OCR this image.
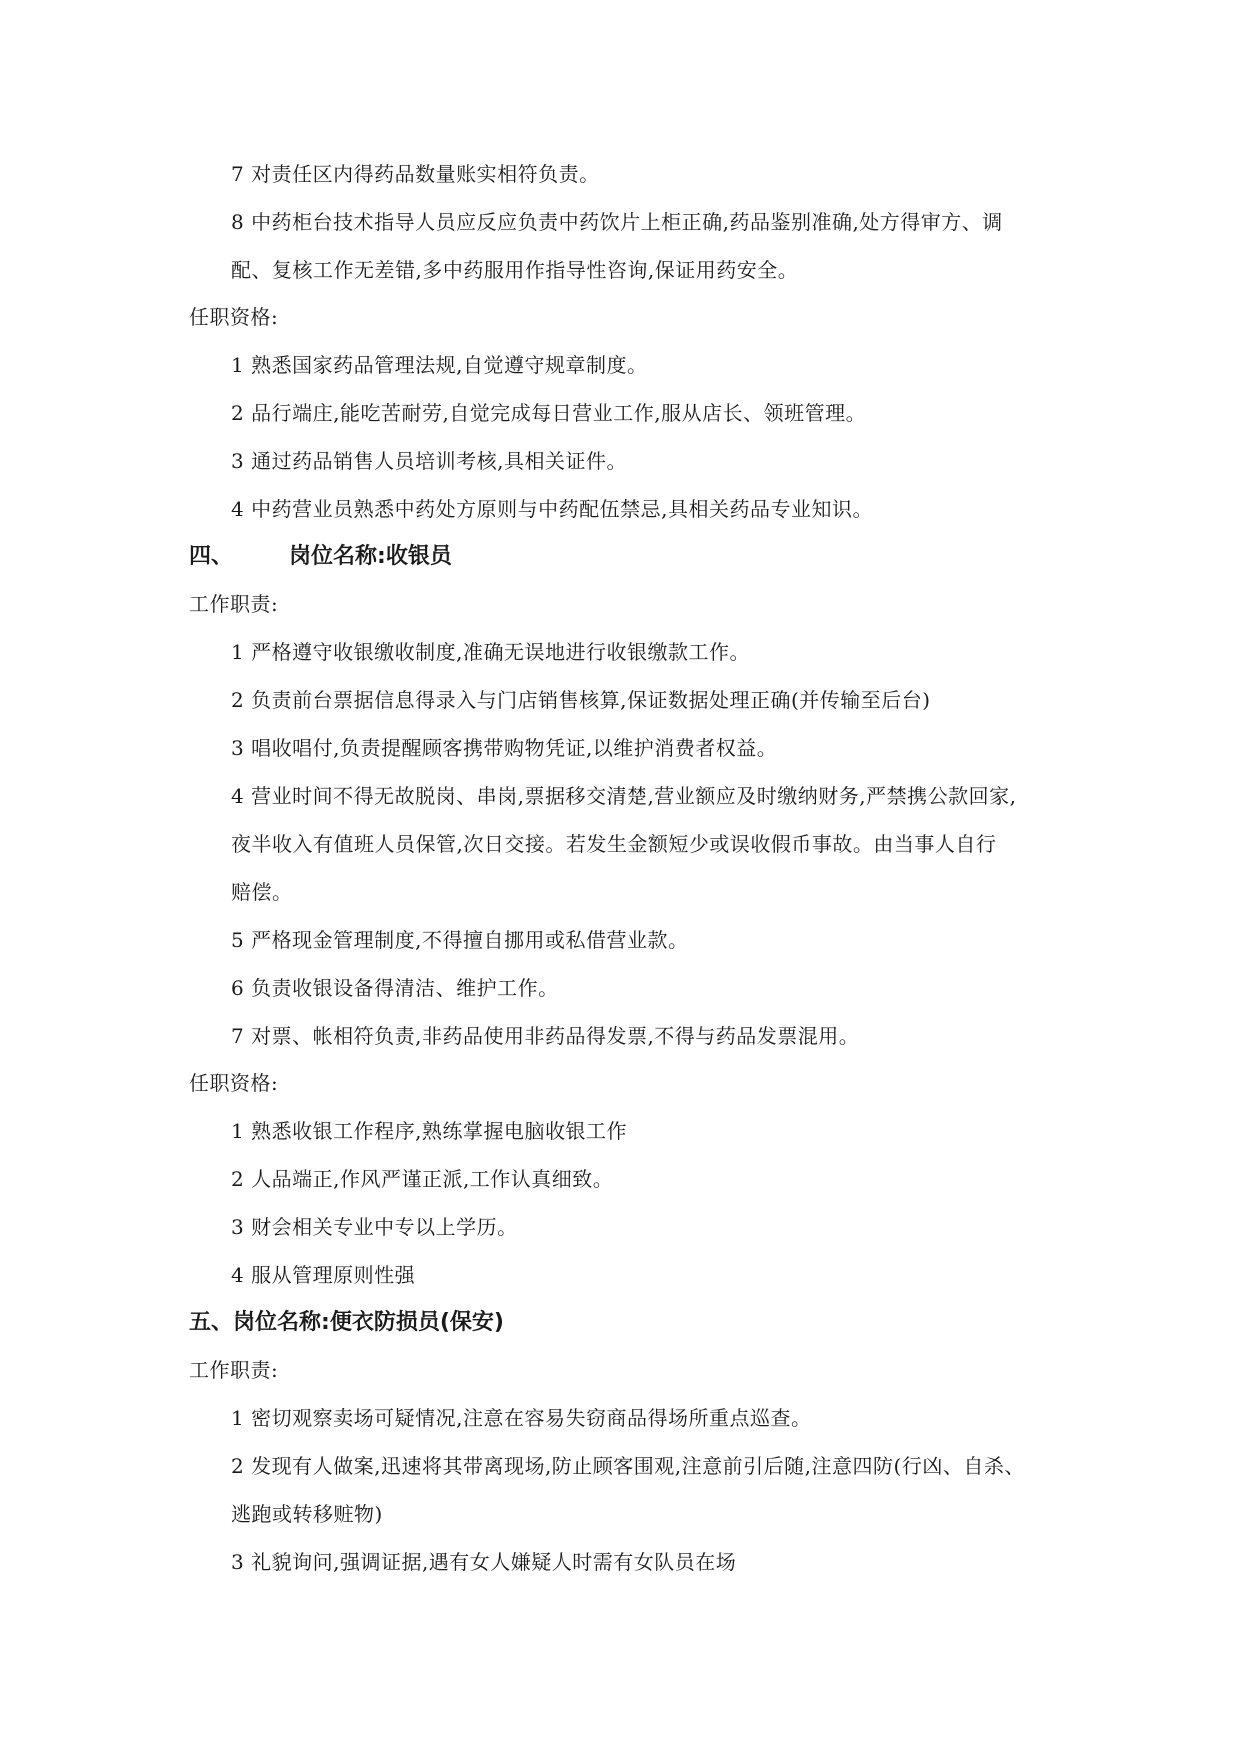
7 对责任区内得药品数量账实相符负责。
8 中药柜台技术指导人员应反应负责中药饮片上柜正确,药品鉴别准确,处方得审方、调
配、复核工作无差错,多中药服用作指导性咨询,保证用药安全。
任职资格:
1 熟悉国家药品管理法规,自觉遵守规章制度。
2 品行端庄,能吃苦耐劳,自觉完成每日营业工作,服从店长、领班管理。
3 通过药品销售人员培训考核,具相关证件。
4 中药营业员熟悉中药处方原则与中药配伍禁忌,具相关药品专业知识。
四、	岗位名称:收银员
工作职责:
1 严格遵守收银缴收制度,准确无误地进行收银缴款工作。
2 负责前台票据信息得录入与门店销售核算,保证数据处理正确(并传输至后台)
3 唱收唱付,负责提醒顾客携带购物凭证,以维护消费者权益。
4 营业时间不得无故脱岗、串岗,票据移交清楚,营业额应及时缴纳财务,严禁携公款回家,
夜半收入有值班人员保管,次日交接。若发生金额短少或误收假币事故。由当事人自行
赔偿。
5 严格现金管理制度,不得擅自挪用或私借营业款。
6 负责收银设备得清洁、维护工作。
7 对票、帐相符负责,非药品使用非药品得发票,不得与药品发票混用。
任职资格:
1 熟悉收银工作程序,熟练掌握电脑收银工作
2 人品端正,作风严谨正派,工作认真细致。
3 财会相关专业中专以上学历。
4 服从管理原则性强
五、岗位名称:便衣防损员(保安)
工作职责:
1 密切观察卖场可疑情况,注意在容易失窃商品得场所重点巡查。
2 发现有人做案,迅速将其带离现场,防止顾客围观,注意前引后随,注意四防(行凶、自杀、
逃跑或转移赃物)
3 礼貌询问,强调证据,遇有女人嫌疑人时需有女队员在场
